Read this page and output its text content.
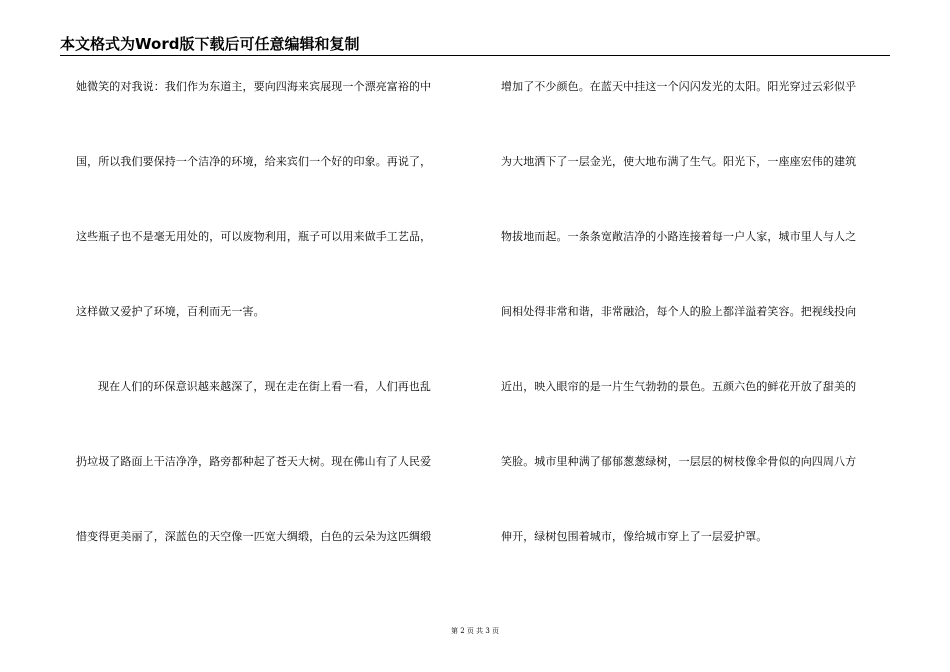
本文格式为Word版下载后可任意编辑和复制
她微笑的对我说：我们作为东道主，要向四海来宾展现一个漂亮富裕的中
国，所以我们要保持一个洁净的环境，给来宾们一个好的印象。再说了，
这些瓶子也不是毫无用处的，可以废物利用，瓶子可以用来做手工艺品，
这样做又爱护了环境，百利而无一害。
现在人们的环保意识越来越深了，现在走在街上看一看，人们再也乱
扔垃圾了路面上干洁净净，路旁都种起了苍天大树。现在佛山有了人民爱
惜变得更美丽了，深蓝色的天空像一匹宽大绸缎，白色的云朵为这匹绸缎
增加了不少颜色。在蓝天中挂这一个闪闪发光的太阳。阳光穿过云彩似乎
为大地洒下了一层金光，使大地布满了生气。阳光下，一座座宏伟的建筑
物拔地而起。一条条宽敞洁净的小路连接着每一户人家，城市里人与人之
间相处得非常和谐，非常融洽，每个人的脸上都洋溢着笑容。把视线投向
近出，映入眼帘的是一片生气勃勃的景色。五颜六色的鲜花开放了甜美的
笑脸。城市里种满了郁郁葱葱绿树，一层层的树枝像伞骨似的向四周八方
伸开，绿树包围着城市，像给城市穿上了一层爱护罩。
第 2 页 共 3 页
